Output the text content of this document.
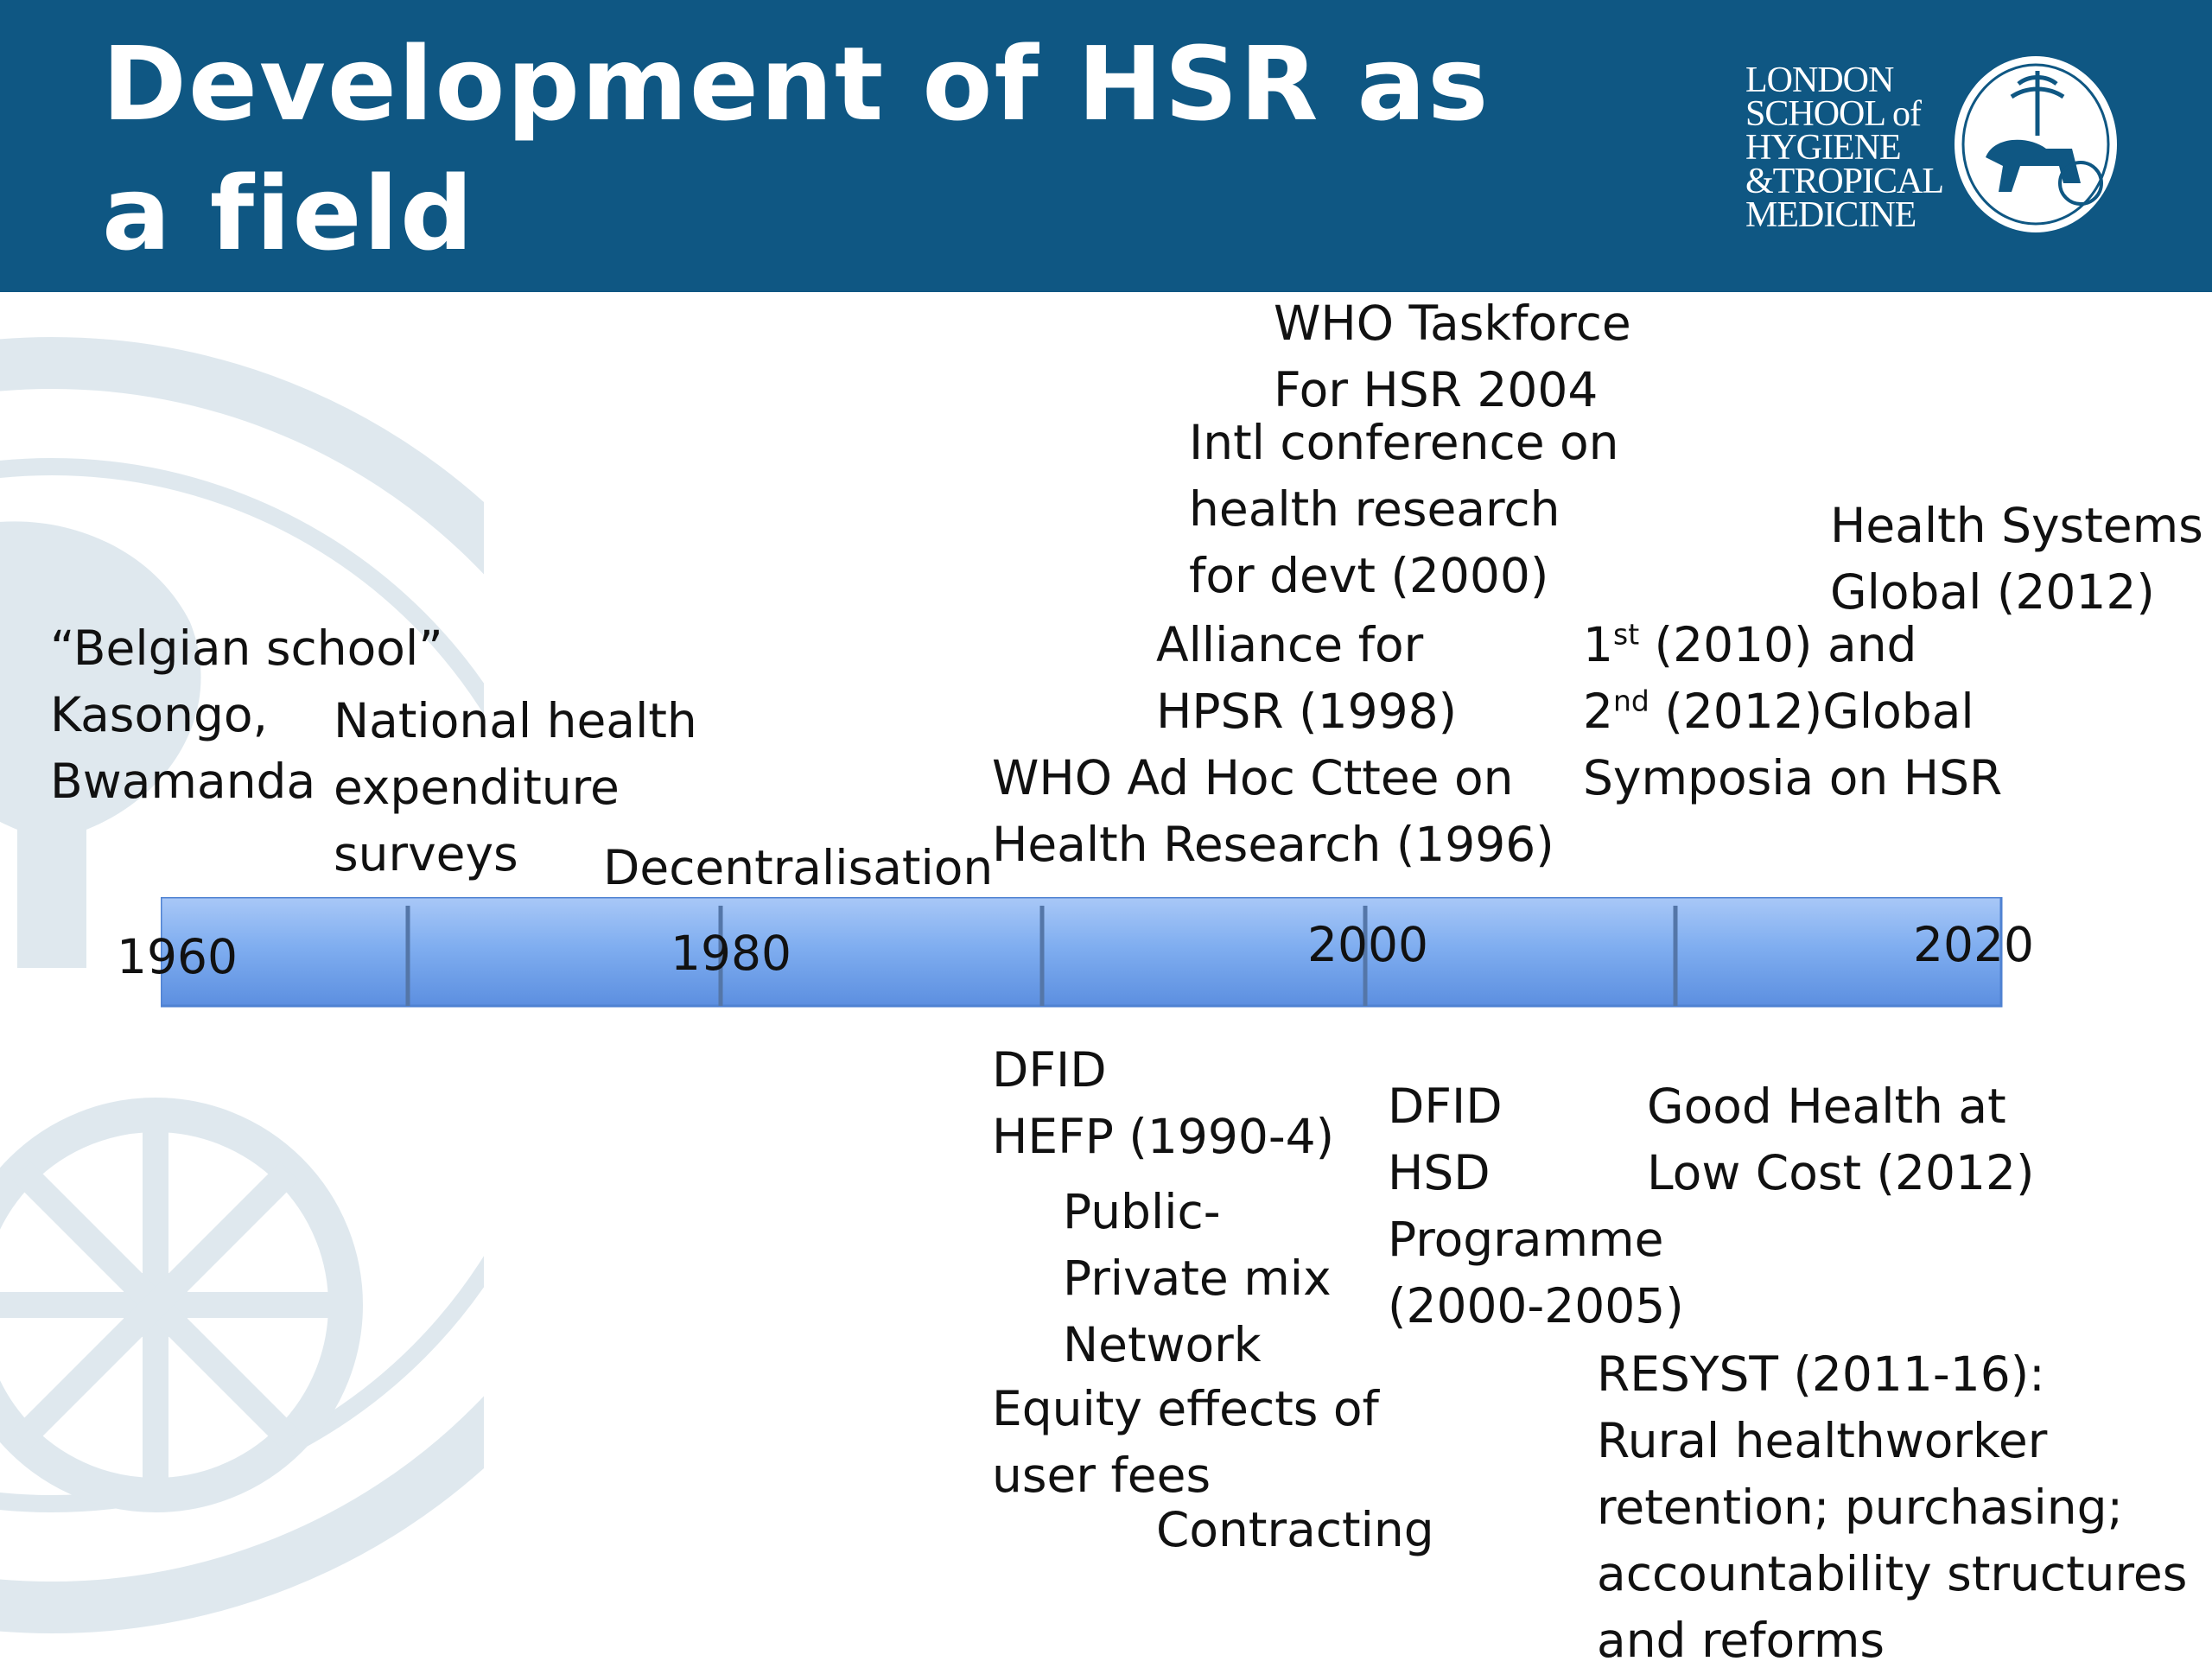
Development of HSR as a field
LONDON
SCHOOL of
HYGIENE
&TROPICAL
MEDICINE
1960	1980	2000	2020
“Belgian school”
Kasongo,
Bwamanda
National health
expenditure
surveys	Decentralisation
WHO Ad Hoc Cttee on
Health Research (1996)
Alliance for
HPSR (1998)
Intl conference on
health research
for devt (2000)
WHO Taskforce
For HSR 2004
1st (2010) and
2nd (2012)Global
Symposia on HSR
Health Systems
Global (2012)
DFID
HEFP (1990-4)
Public-
Private mix
Network
Equity effects of
user fees
Contracting
DFID
HSD
Programme
(2000-2005)
Good Health at
Low Cost (2012)
RESYST (2011-16):
Rural healthworker
retention; purchasing;
accountability structures
and reforms
